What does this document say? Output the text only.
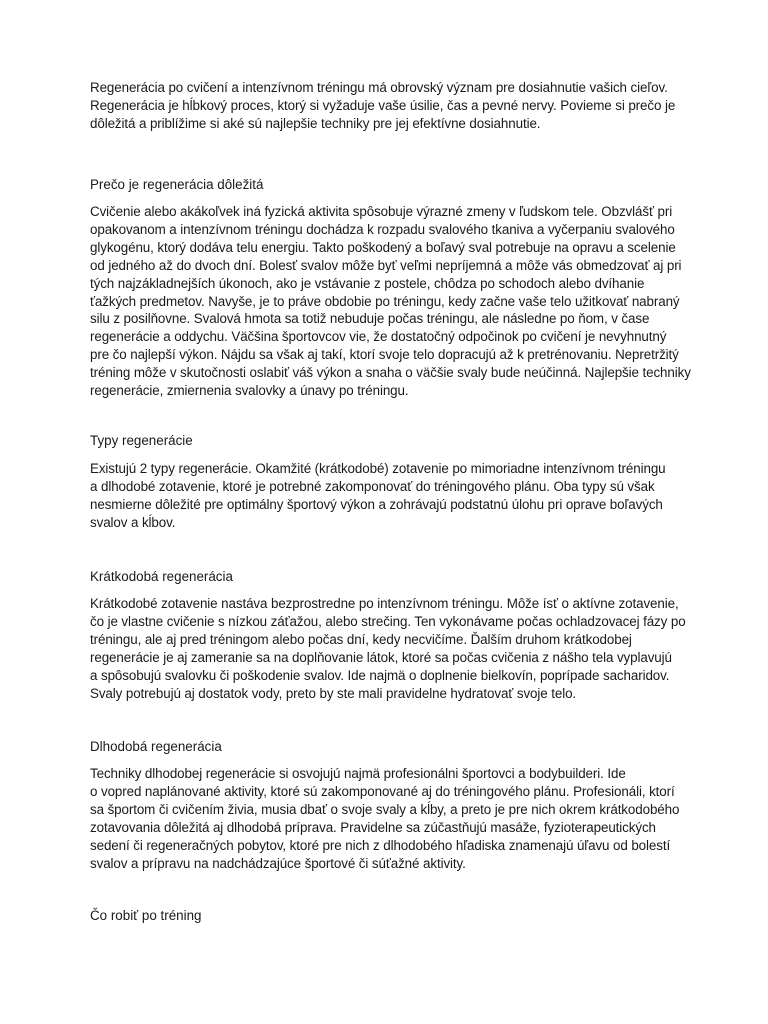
Regenerácia po cvičení a intenzívnom tréningu má obrovský význam pre dosiahnutie vašich cieľov.
Regenerácia je hĺbkový proces, ktorý si vyžaduje vaše úsilie, čas a pevné nervy. Povieme si prečo je
dôležitá a priblížime si aké sú najlepšie techniky pre jej efektívne dosiahnutie.

Prečo je regenerácia dôležitá

Cvičenie alebo akákoľvek iná fyzická aktivita spôsobuje výrazné zmeny v ľudskom tele. Obzvlášť pri
opakovanom a intenzívnom tréningu dochádza k rozpadu svalového tkaniva a vyčerpaniu svalového
glykogénu, ktorý dodáva telu energiu. Takto poškodený a boľavý sval potrebuje na opravu a scelenie
od jedného až do dvoch dní. Bolesť svalov môže byť veľmi nepríjemná a môže vás obmedzovať aj pri
tých najzákladnejších úkonoch, ako je vstávanie z postele, chôdza po schodoch alebo dvíhanie
ťažkých predmetov. Navyše, je to práve obdobie po tréningu, kedy začne vaše telo užitkovať nabraný
silu z posilňovne. Svalová hmota sa totiž nebuduje počas tréningu, ale následne po ňom, v čase
regenerácie a oddychu. Väčšina športovcov vie, že dostatočný odpočinok po cvičení je nevyhnutný
pre čo najlepší výkon. Nájdu sa však aj takí, ktorí svoje telo dopracujú až k pretrénovaniu. Nepretržitý
tréning môže v skutočnosti oslabiť váš výkon a snaha o väčšie svaly bude neúčinná. Najlepšie techniky
regenerácie, zmiernenia svalovky a únavy po tréningu.

Typy regenerácie

Existujú 2 typy regenerácie. Okamžité (krátkodobé) zotavenie po mimoriadne intenzívnom tréningu
a dlhodobé zotavenie, ktoré je potrebné zakomponovať do tréningového plánu. Oba typy sú však
nesmierne dôležité pre optimálny športový výkon a zohrávajú podstatnú úlohu pri oprave boľavých
svalov a kĺbov.

Krátkodobá regenerácia

Krátkodobé zotavenie nastáva bezprostredne po intenzívnom tréningu. Môže ísť o aktívne zotavenie,
čo je vlastne cvičenie s nízkou záťažou, alebo strečing. Ten vykonávame počas ochladzovacej fázy po
tréningu, ale aj pred tréningom alebo počas dní, kedy necvičíme. Ďalším druhom krátkodobej
regenerácie je aj zameranie sa na doplňovanie látok, ktoré sa počas cvičenia z nášho tela vyplavujú
a spôsobujú svalovku či poškodenie svalov. Ide najmä o doplnenie bielkovín, poprípade sacharidov.
Svaly potrebujú aj dostatok vody, preto by ste mali pravidelne hydratovať svoje telo.

Dlhodobá regenerácia

Techniky dlhodobej regenerácie si osvojujú najmä profesionálni športovci a bodybuilderi. Ide
o vopred naplánované aktivity, ktoré sú zakomponované aj do tréningového plánu. Profesionáli, ktorí
sa športom či cvičením živia, musia dbať o svoje svaly a kĺby, a preto je pre nich okrem krátkodobého
zotavovania dôležitá aj dlhodobá príprava. Pravidelne sa zúčastňujú masáže, fyzioterapeutických
sedení či regeneračných pobytov, ktoré pre nich z dlhodobého hľadiska znamenajú úľavu od bolestí
svalov a prípravu na nadchádzajúce športové či súťažné aktivity.

Čo robiť po tréning
